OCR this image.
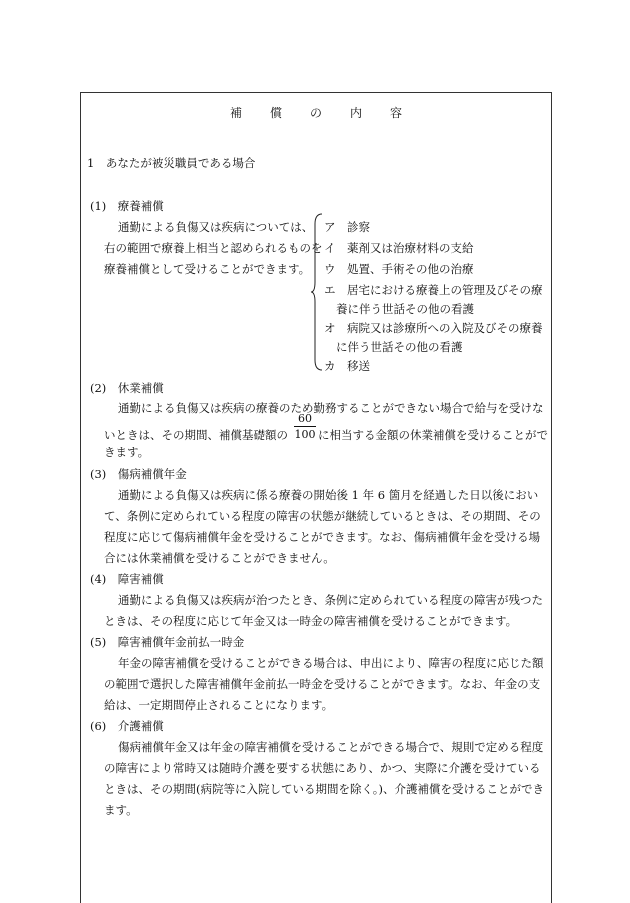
補償の内容
1　あなたが被災職員である場合
(1)　療養補償
通勤による負傷又は疾病については、
右の範囲で療養上相当と認められるものを
療養補償として受けることができます。
ア　診察
イ　薬剤又は治療材料の支給
ウ　処置、手術その他の治療
エ　居宅における療養上の管理及びその療
養に伴う世話その他の看護
オ　病院又は診療所への入院及びその療養
に伴う世話その他の看護
カ　移送
(2)　休業補償
通勤による負傷又は疾病の療養のため勤務することができない場合で給与を受けな
いときは、その期間、補償基礎額の
60
100 に相当する金額の休業補償を受けることがで
きます。
(3)　傷病補償年金
通勤による負傷又は疾病に係る療養の開始後 1 年 6 箇月を経過した日以後におい
て、条例に定められている程度の障害の状態が継続しているときは、その期間、その
程度に応じて傷病補償年金を受けることができます。なお、傷病補償年金を受ける場
合には休業補償を受けることができません。
(4)　障害補償
通勤による負傷又は疾病が治つたとき、条例に定められている程度の障害が残つた
ときは、その程度に応じて年金又は一時金の障害補償を受けることができます。
(5)　障害補償年金前払一時金
年金の障害補償を受けることができる場合は、申出により、障害の程度に応じた額
の範囲で選択した障害補償年金前払一時金を受けることができます。なお、年金の支
給は、一定期間停止されることになります。
(6)　介護補償
傷病補償年金又は年金の障害補償を受けることができる場合で、規則で定める程度
の障害により常時又は随時介護を要する状態にあり、かつ、実際に介護を受けている
ときは、その期間(病院等に入院している期間を除く。)、介護補償を受けることができ
ます。
